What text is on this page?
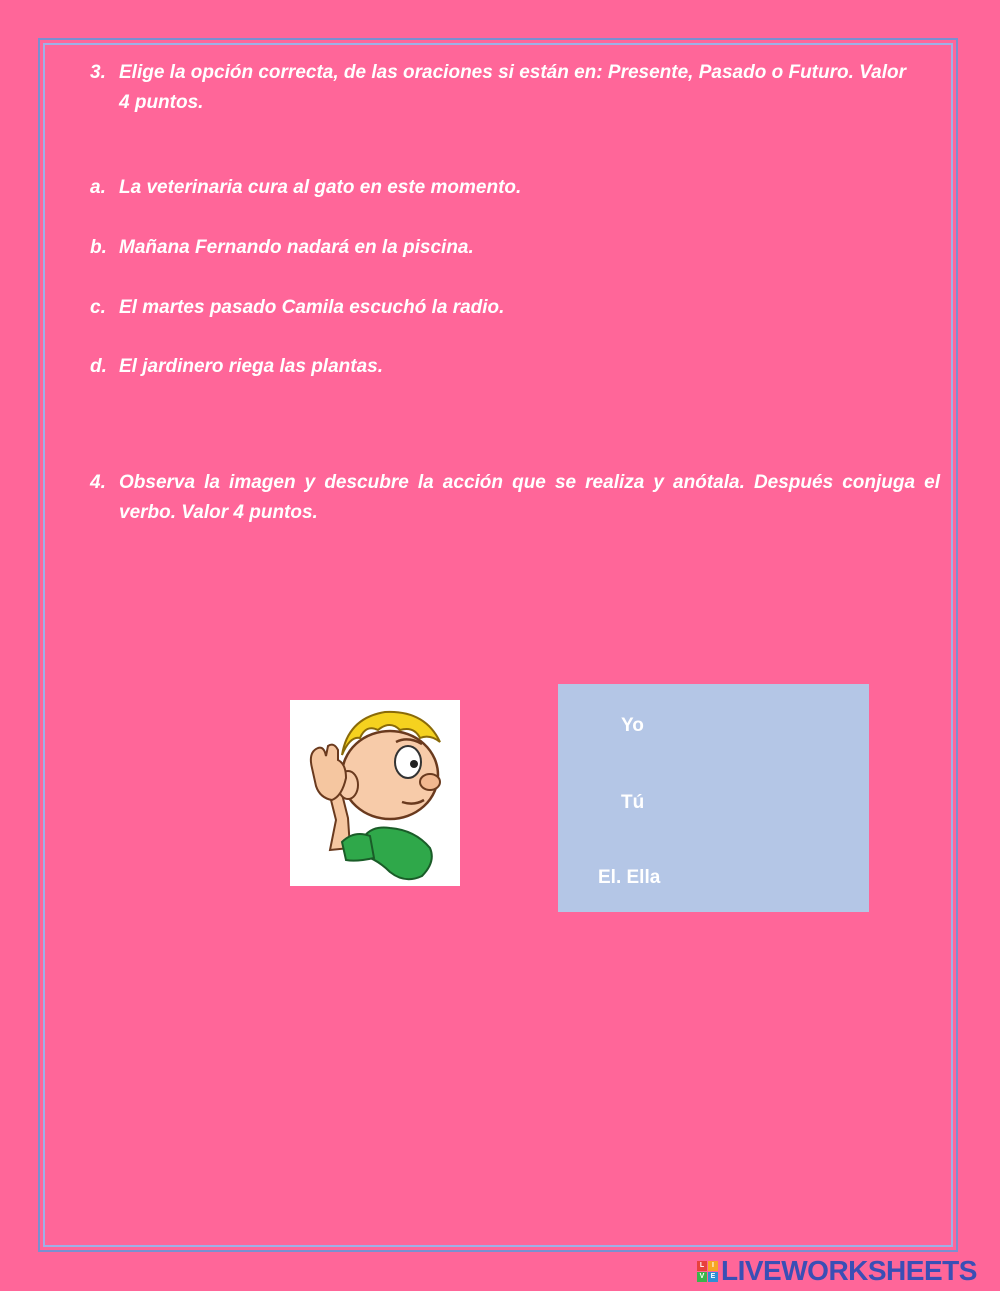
3. Elige la opción correcta, de las oraciones si están en: Presente, Pasado o Futuro. Valor 4 puntos.
a. La veterinaria cura al gato en este momento.
b. Mañana Fernando nadará en la piscina.
c. El martes pasado Camila escuchó la radio.
d. El jardinero riega las plantas.
4. Observa la imagen y descubre la acción que se realiza y anótala. Después conjuga el verbo. Valor 4 puntos.
Yo
Tú
El. Ella
L	I
V E LIVEWORKSHEETS
